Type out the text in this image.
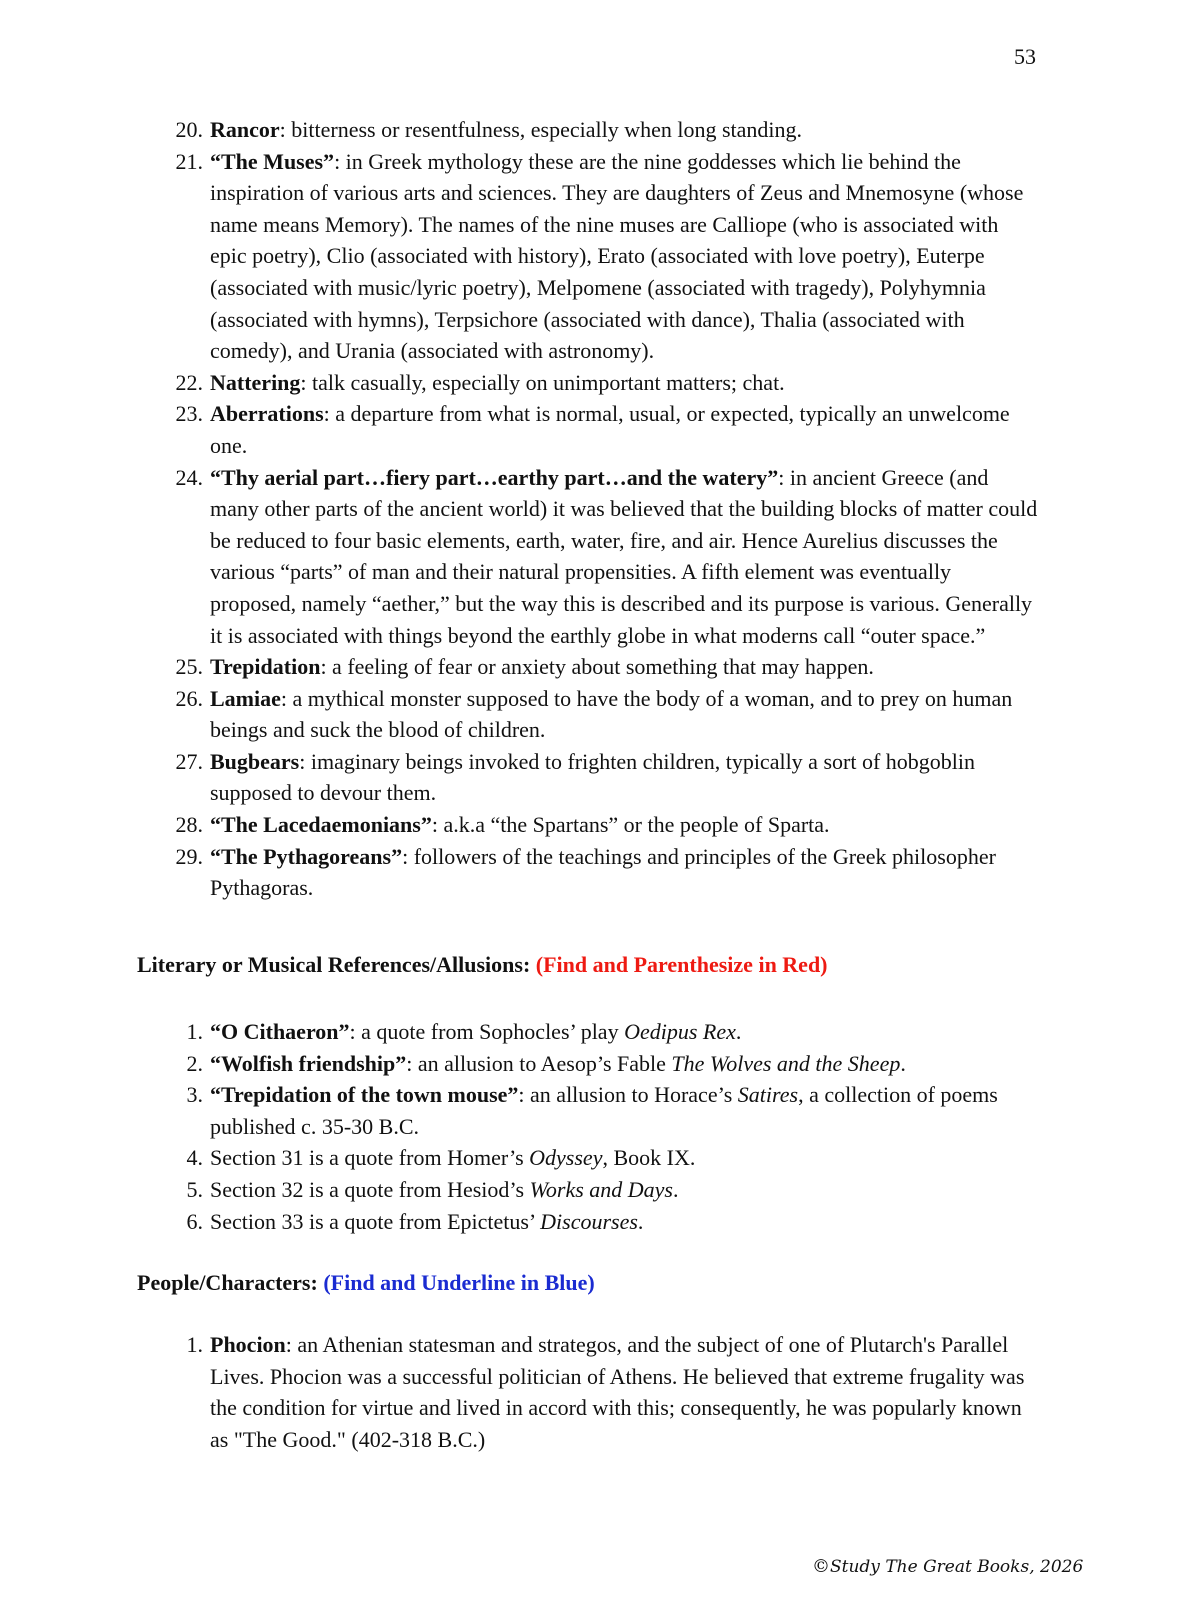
53
20. Rancor: bitterness or resentfulness, especially when long standing.
21. “The Muses”: in Greek mythology these are the nine goddesses which lie behind the inspiration of various arts and sciences. They are daughters of Zeus and Mnemosyne (whose name means Memory). The names of the nine muses are Calliope (who is associated with epic poetry), Clio (associated with history), Erato (associated with love poetry), Euterpe (associated with music/lyric poetry), Melpomene (associated with tragedy), Polyhymnia (associated with hymns), Terpsichore (associated with dance), Thalia (associated with comedy), and Urania (associated with astronomy).
22. Nattering: talk casually, especially on unimportant matters; chat.
23. Aberrations: a departure from what is normal, usual, or expected, typically an unwelcome one.
24. “Thy aerial part…fiery part…earthy part…and the watery”: in ancient Greece (and many other parts of the ancient world) it was believed that the building blocks of matter could be reduced to four basic elements, earth, water, fire, and air. Hence Aurelius discusses the various “parts” of man and their natural propensities. A fifth element was eventually proposed, namely “aether,” but the way this is described and its purpose is various. Generally it is associated with things beyond the earthly globe in what moderns call “outer space.”
25. Trepidation: a feeling of fear or anxiety about something that may happen.
26. Lamiae: a mythical monster supposed to have the body of a woman, and to prey on human beings and suck the blood of children.
27. Bugbears: imaginary beings invoked to frighten children, typically a sort of hobgoblin supposed to devour them.
28. “The Lacedaemonians”: a.k.a “the Spartans” or the people of Sparta.
29. “The Pythagoreans”: followers of the teachings and principles of the Greek philosopher Pythagoras.
Literary or Musical References/Allusions: (Find and Parenthesize in Red)
1. “O Cithaeron”: a quote from Sophocles’ play Oedipus Rex.
2. “Wolfish friendship”: an allusion to Aesop’s Fable The Wolves and the Sheep.
3. “Trepidation of the town mouse”: an allusion to Horace’s Satires, a collection of poems published c. 35-30 B.C.
4. Section 31 is a quote from Homer’s Odyssey, Book IX.
5. Section 32 is a quote from Hesiod’s Works and Days.
6. Section 33 is a quote from Epictetus’ Discourses.
People/Characters: (Find and Underline in Blue)
1. Phocion: an Athenian statesman and strategos, and the subject of one of Plutarch's Parallel Lives. Phocion was a successful politician of Athens. He believed that extreme frugality was the condition for virtue and lived in accord with this; consequently, he was popularly known as "The Good." (402-318 B.C.)
©Study The Great Books, 2026
